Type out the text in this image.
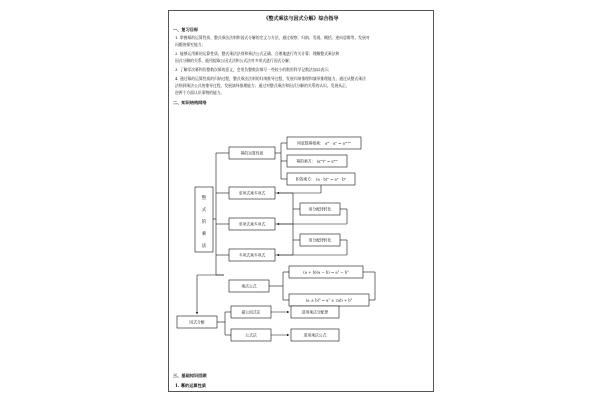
《整式乘法与因式分解》综合指导
一、复习目标
1. 掌握幂的运算性质、整式乘法法则和因式分解的定义与方法，通过观察、归纳、发现、概括、逆向思维等，发展对
问题的探究能力；
2. 能够运用幂的运算性质、整式乘法法则和乘法公式正确、合理地进行有关计算；理解整式乘法和
因式分解的关系，能用提取公因式法和公式法对多项式进行因式分解；
3. 了解零次幂和负整数次幂的意义，会用负整数次幂写一些较小的数用科学记数法加以表示；
4. 通过幂的运算性质的归纳过程，整式乘法法则的归纳推导过程，发展归纳推理和演绎推理能力，通过从整式乘法
法则到乘法公式的推导过程，发展演绎推理能力；通过对整式乘法和因式分解的关系的认识，发展从正、
逆两个方面认识事物的能力。
二、知识结构网络
整
式
的
乘
法
幂的运算性质
单项式乘多项式
单项式乘多项式
多项式乘多项式
乘法公式
同底数幂相乘： aᵐ · aⁿ = aᵐ⁺ⁿ
幂的乘方： (aᵐ)ⁿ = aᵐⁿ
积的乘方： (a · b)ⁿ = aⁿ · bⁿ
用分配律转化
用分配律转化
(a + b)(a − b) = a² − b²
(a ± b)² = a² ± 2ab + b²
因式分解
提公因式法
公式法
逆用乘法分配律
逆用乘法公式
三、基础知识回顾
1. 幂的运算性质
